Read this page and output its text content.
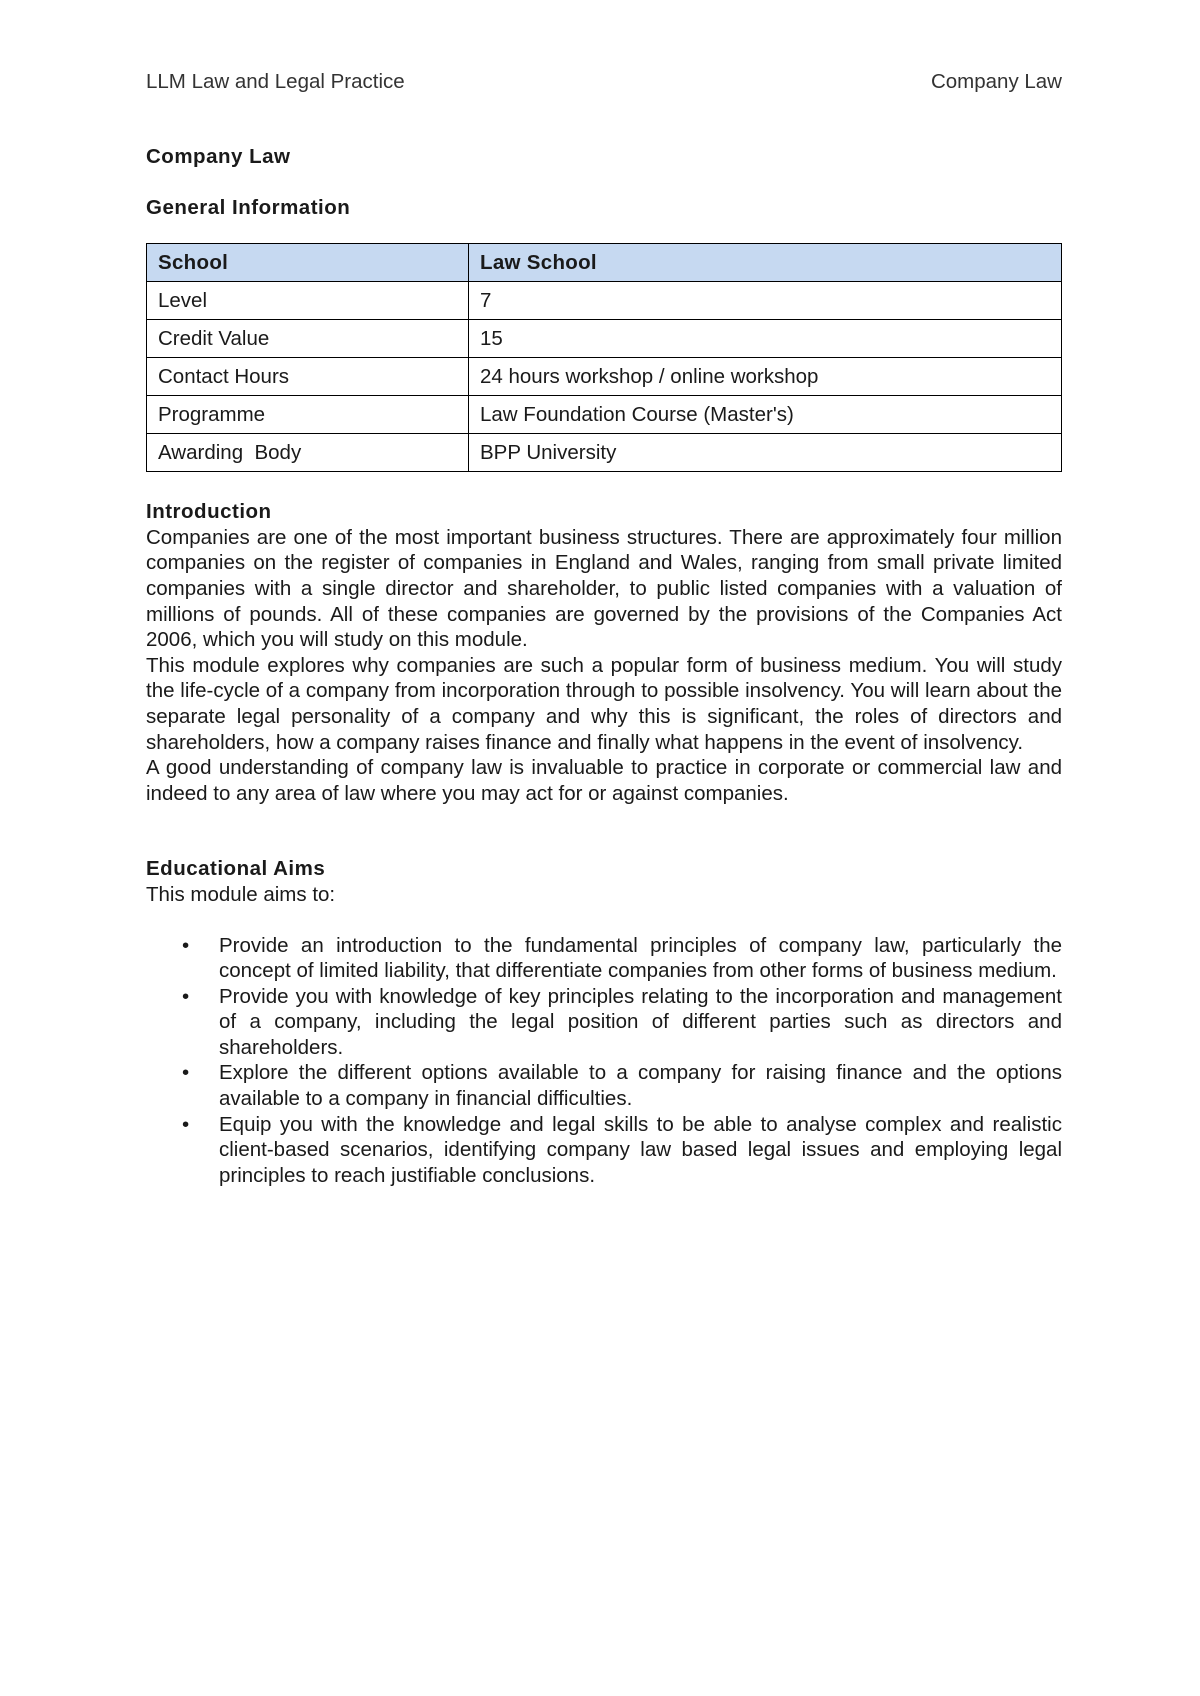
LLM Law and Legal Practice	Company Law
Company Law
General Information
School	Law School
Level	7
Credit Value	15
Contact Hours	24 hours workshop / online workshop
Programme	Law Foundation Course (Master's)
Awarding  Body	BPP University
Introduction

Companies are one of the most important business structures. There are approximately four million companies on the register of companies in England and Wales, ranging from small private limited companies with a single director and shareholder, to public listed companies with a valuation of millions of pounds. All of these companies are governed by the provisions of the Companies Act 2006, which you will study on this module.

This module explores why companies are such a popular form of business medium. You will study the life-cycle of a company from incorporation through to possible insolvency. You will learn about the separate legal personality of a company and why this is significant, the roles of directors and shareholders, how a company raises finance and finally what happens in the event of insolvency.

A good understanding of company law is invaluable to practice in corporate or commercial law and indeed to any area of law where you may act for or against companies.

Educational Aims

This module aims to:

• Provide an introduction to the fundamental principles of company law, particularly the concept of limited liability, that differentiate companies from other forms of business medium.
• Provide you with knowledge of key principles relating to the incorporation and management of a company, including the legal position of different parties such as directors and shareholders.
• Explore the different options available to a company for raising finance and the options available to a company in financial difficulties.
• Equip you with the knowledge and legal skills to be able to analyse complex and realistic client-based scenarios, identifying company law based legal issues and employing legal principles to reach justifiable conclusions.
